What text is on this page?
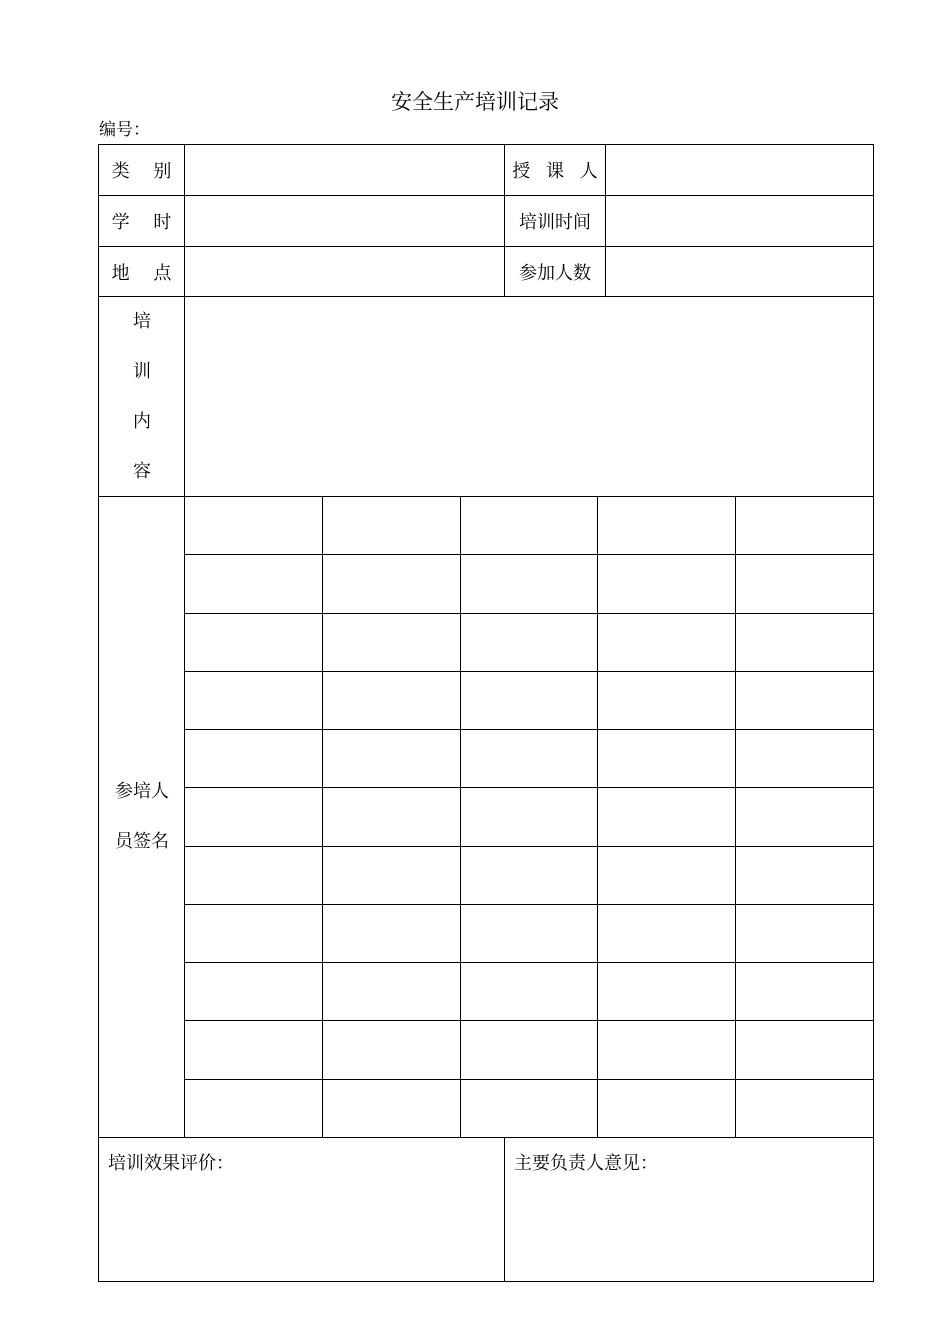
安全生产培训记录
编号：
类 别	授 课 人
学 时	培训时间
地 点	参加人数
培
训
内
容
参培人
员签名
培训效果评价：	主要负责人意见：
